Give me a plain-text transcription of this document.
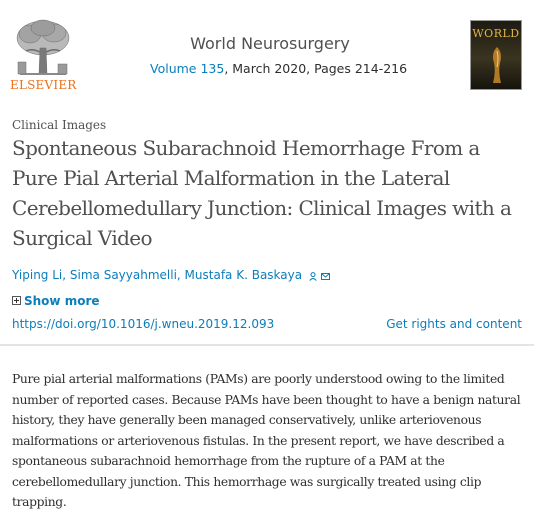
ELSEVIER
World Neurosurgery
Volume 135, March 2020, Pages 214-216
WORLD
Clinical Images
Spontaneous Subarachnoid Hemorrhage From a Pure Pial Arterial Malformation in the Lateral Cerebellomedullary Junction: Clinical Images with a Surgical Video
Yiping Li, Sima Sayyahmelli, Mustafa K. Baskaya
Show more
https://doi.org/10.1016/j.wneu.2019.12.093	Get rights and content

Pure pial arterial malformations (PAMs) are poorly understood owing to the limited number of reported cases. Because PAMs have been thought to have a benign natural history, they have generally been managed conservatively, unlike arteriovenous malformations or arteriovenous fistulas. In the present report, we have described a spontaneous subarachnoid hemorrhage from the rupture of a PAM at the cerebellomedullary junction. This hemorrhage was surgically treated using clip trapping.
